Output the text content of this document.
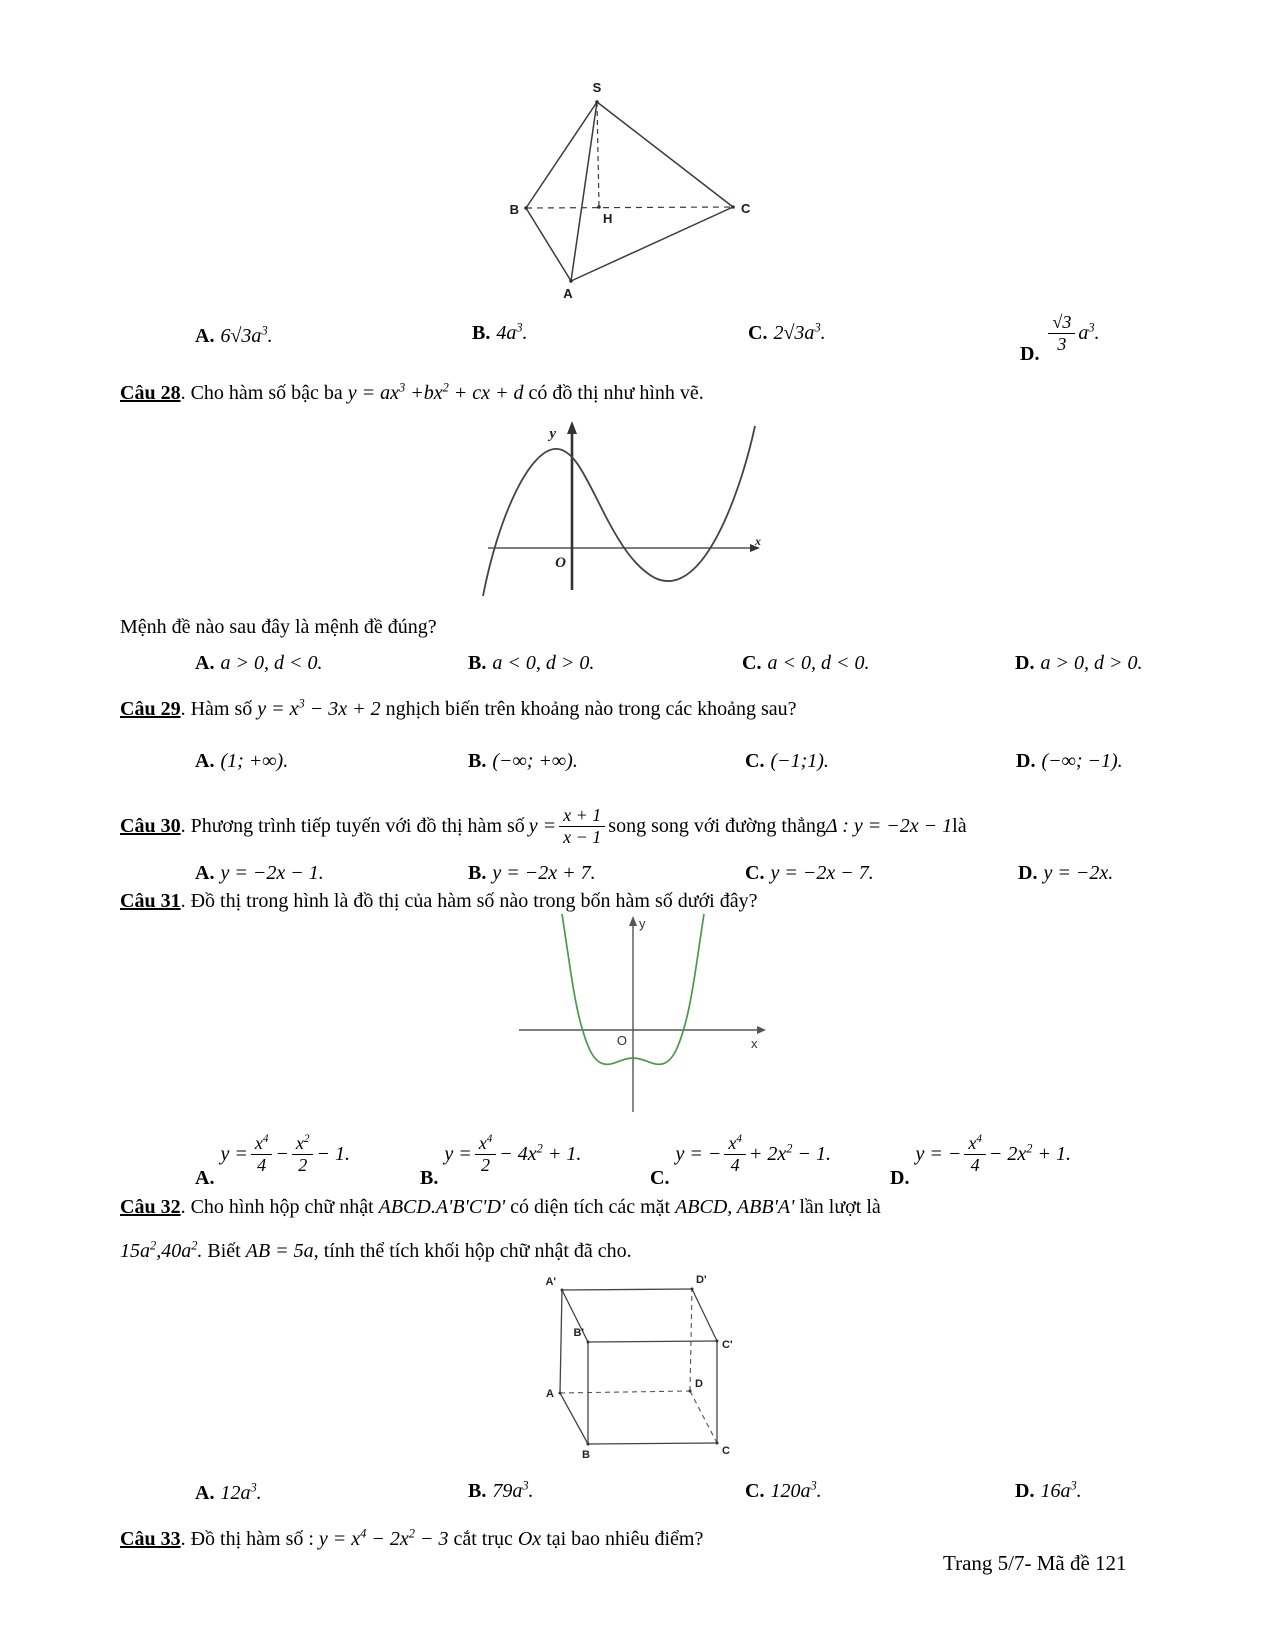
S
B	C
A
H
A. $6√3a^3$.	B. $4a^3$.	C. $2√3a^3$.
D. $\frac{√3}{3} a^3$.
Câu 28. Cho hàm số bậc ba $y = ax^3 +bx^2$ + cx + d có đồ thị như hình vẽ.
y
O
x
Mệnh đề nào sau đây là mệnh đề đúng?
A. a > 0, d < 0.	B. a < 0, d > 0.	C. a < 0, d < 0.	D. a > 0, d > 0.
Câu 29. Hàm số $y = x^3 - 3x + 2$ nghịch biến trên khoảng nào trong các khoảng sau?
A. (1; +∞).	B. (−∞; +∞).	C. (−1;1).	D. (−∞; −1).
Câu 30 . Phương trình tiếp tuyến với đồ thị hàm số $y = \frac{x + 1}{x - 1}$ song song với đường thẳng Δ : y = −2x − 1 là
A. y = −2x − 1.	B. y = −2x + 7.	C. y = −2x − 7.	D. y = −2x.
Câu 31. Đồ thị trong hình là đồ thị của hàm số nào trong bốn hàm số dưới đây?
y
O	x
A.
$y = \frac{x^4}{4} - \frac{x^2}{2} - 1$.
B.
$y = \frac{x^4}{2} - 4x^2 + 1$.
C.
y = − $\frac{x^4}{4} + 2x^2 - 1$.
D.
y = − $\frac{x^4}{4} - 2x^2 + 1$.
Câu 32. Cho hình hộp chữ nhật ABCD.A'B'C'D' có diện tích các mặt ABCD, ABB'A' lần lượt là
$15a^2,40a^2$. Biết AB = 5a, tính thể tích khối hộp chữ nhật đã cho.
A'	D'
B'
C'
A
D
B	C
A. $12a^3$.	B. $79a^3$.	C. $120a^3$.	D. $16a^3$.
Câu 33. Đồ thị hàm số : $y = x^4 - 2x^2 - 3$ cắt trục Ox tại bao nhiêu điểm?
Trang 5/7- Mã đề 121
